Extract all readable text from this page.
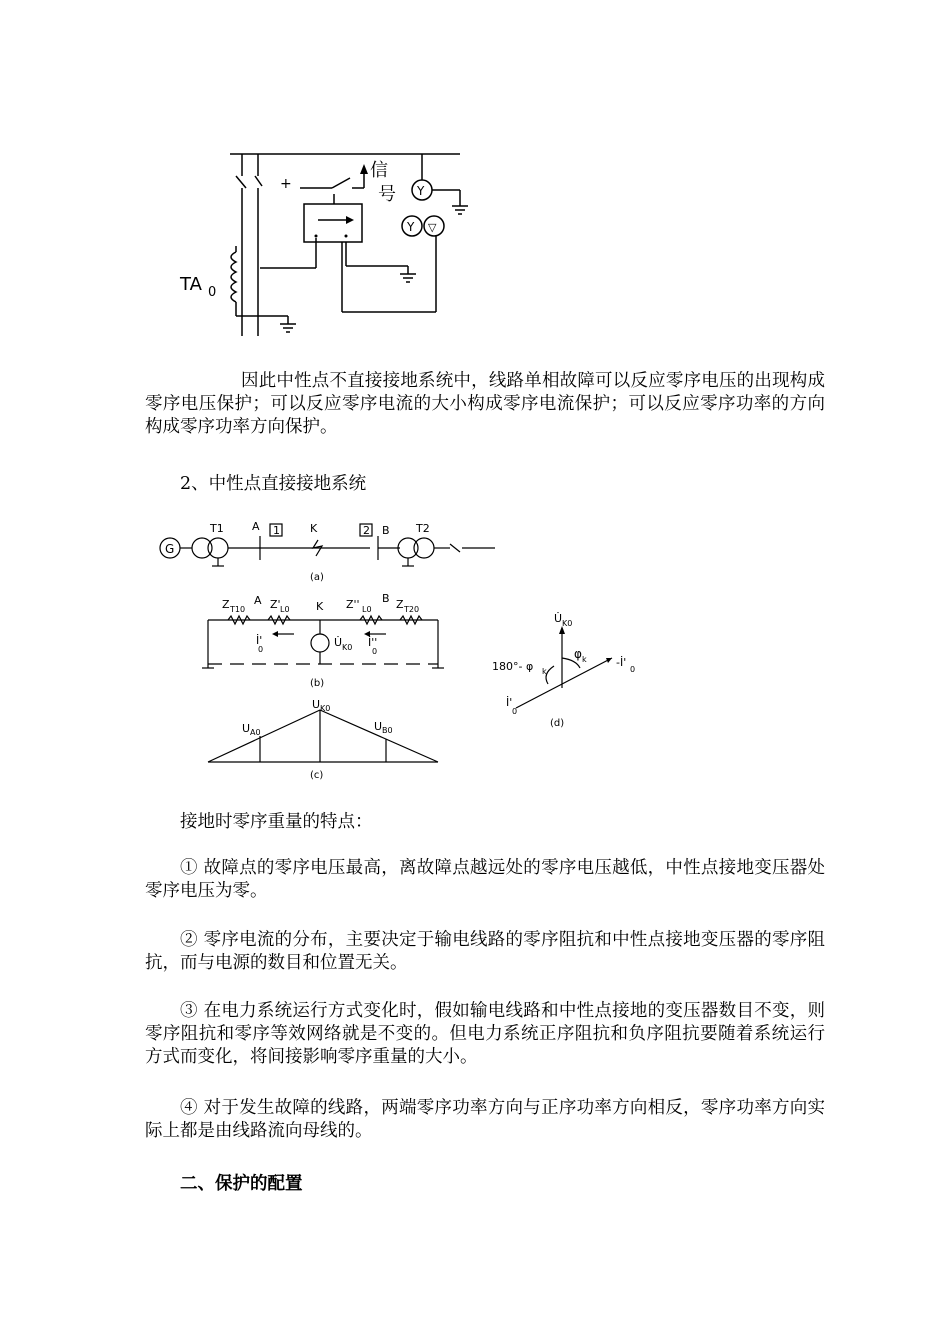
信
号
+
TA 0
Y
Y ▽

因此中性点不直接接地系统中，线路单相故障可以反应零序电压的出现构成零序电压保护；可以反应零序电流的大小构成零序电流保护；可以反应零序功率的方向构成零序功率方向保护。

2、中性点直接接地系统

G
1	2
T1	A	K	B T2
(a)
Z T10
A Z' L0 K Z'' L0
B Z T20
İ'
0
U̇ K0 İ''
0
(b)
U K0
U A0	U B0
(c)
U̇ K0
180°- φ k
φ k	-İ'
0
İ'
0
(d)

接地时零序重量的特点：

① 故障点的零序电压最高，离故障点越远处的零序电压越低，中性点接地变压器处零序电压为零。

② 零序电流的分布，主要决定于输电线路的零序阻抗和中性点接地变压器的零序阻抗，而与电源的数目和位置无关。

③ 在电力系统运行方式变化时，假如输电线路和中性点接地的变压器数目不变，则零序阻抗和零序等效网络就是不变的。但电力系统正序阻抗和负序阻抗要随着系统运行方式而变化，将间接影响零序重量的大小。

④ 对于发生故障的线路，两端零序功率方向与正序功率方向相反，零序功率方向实际上都是由线路流向母线的。

二、保护的配置
